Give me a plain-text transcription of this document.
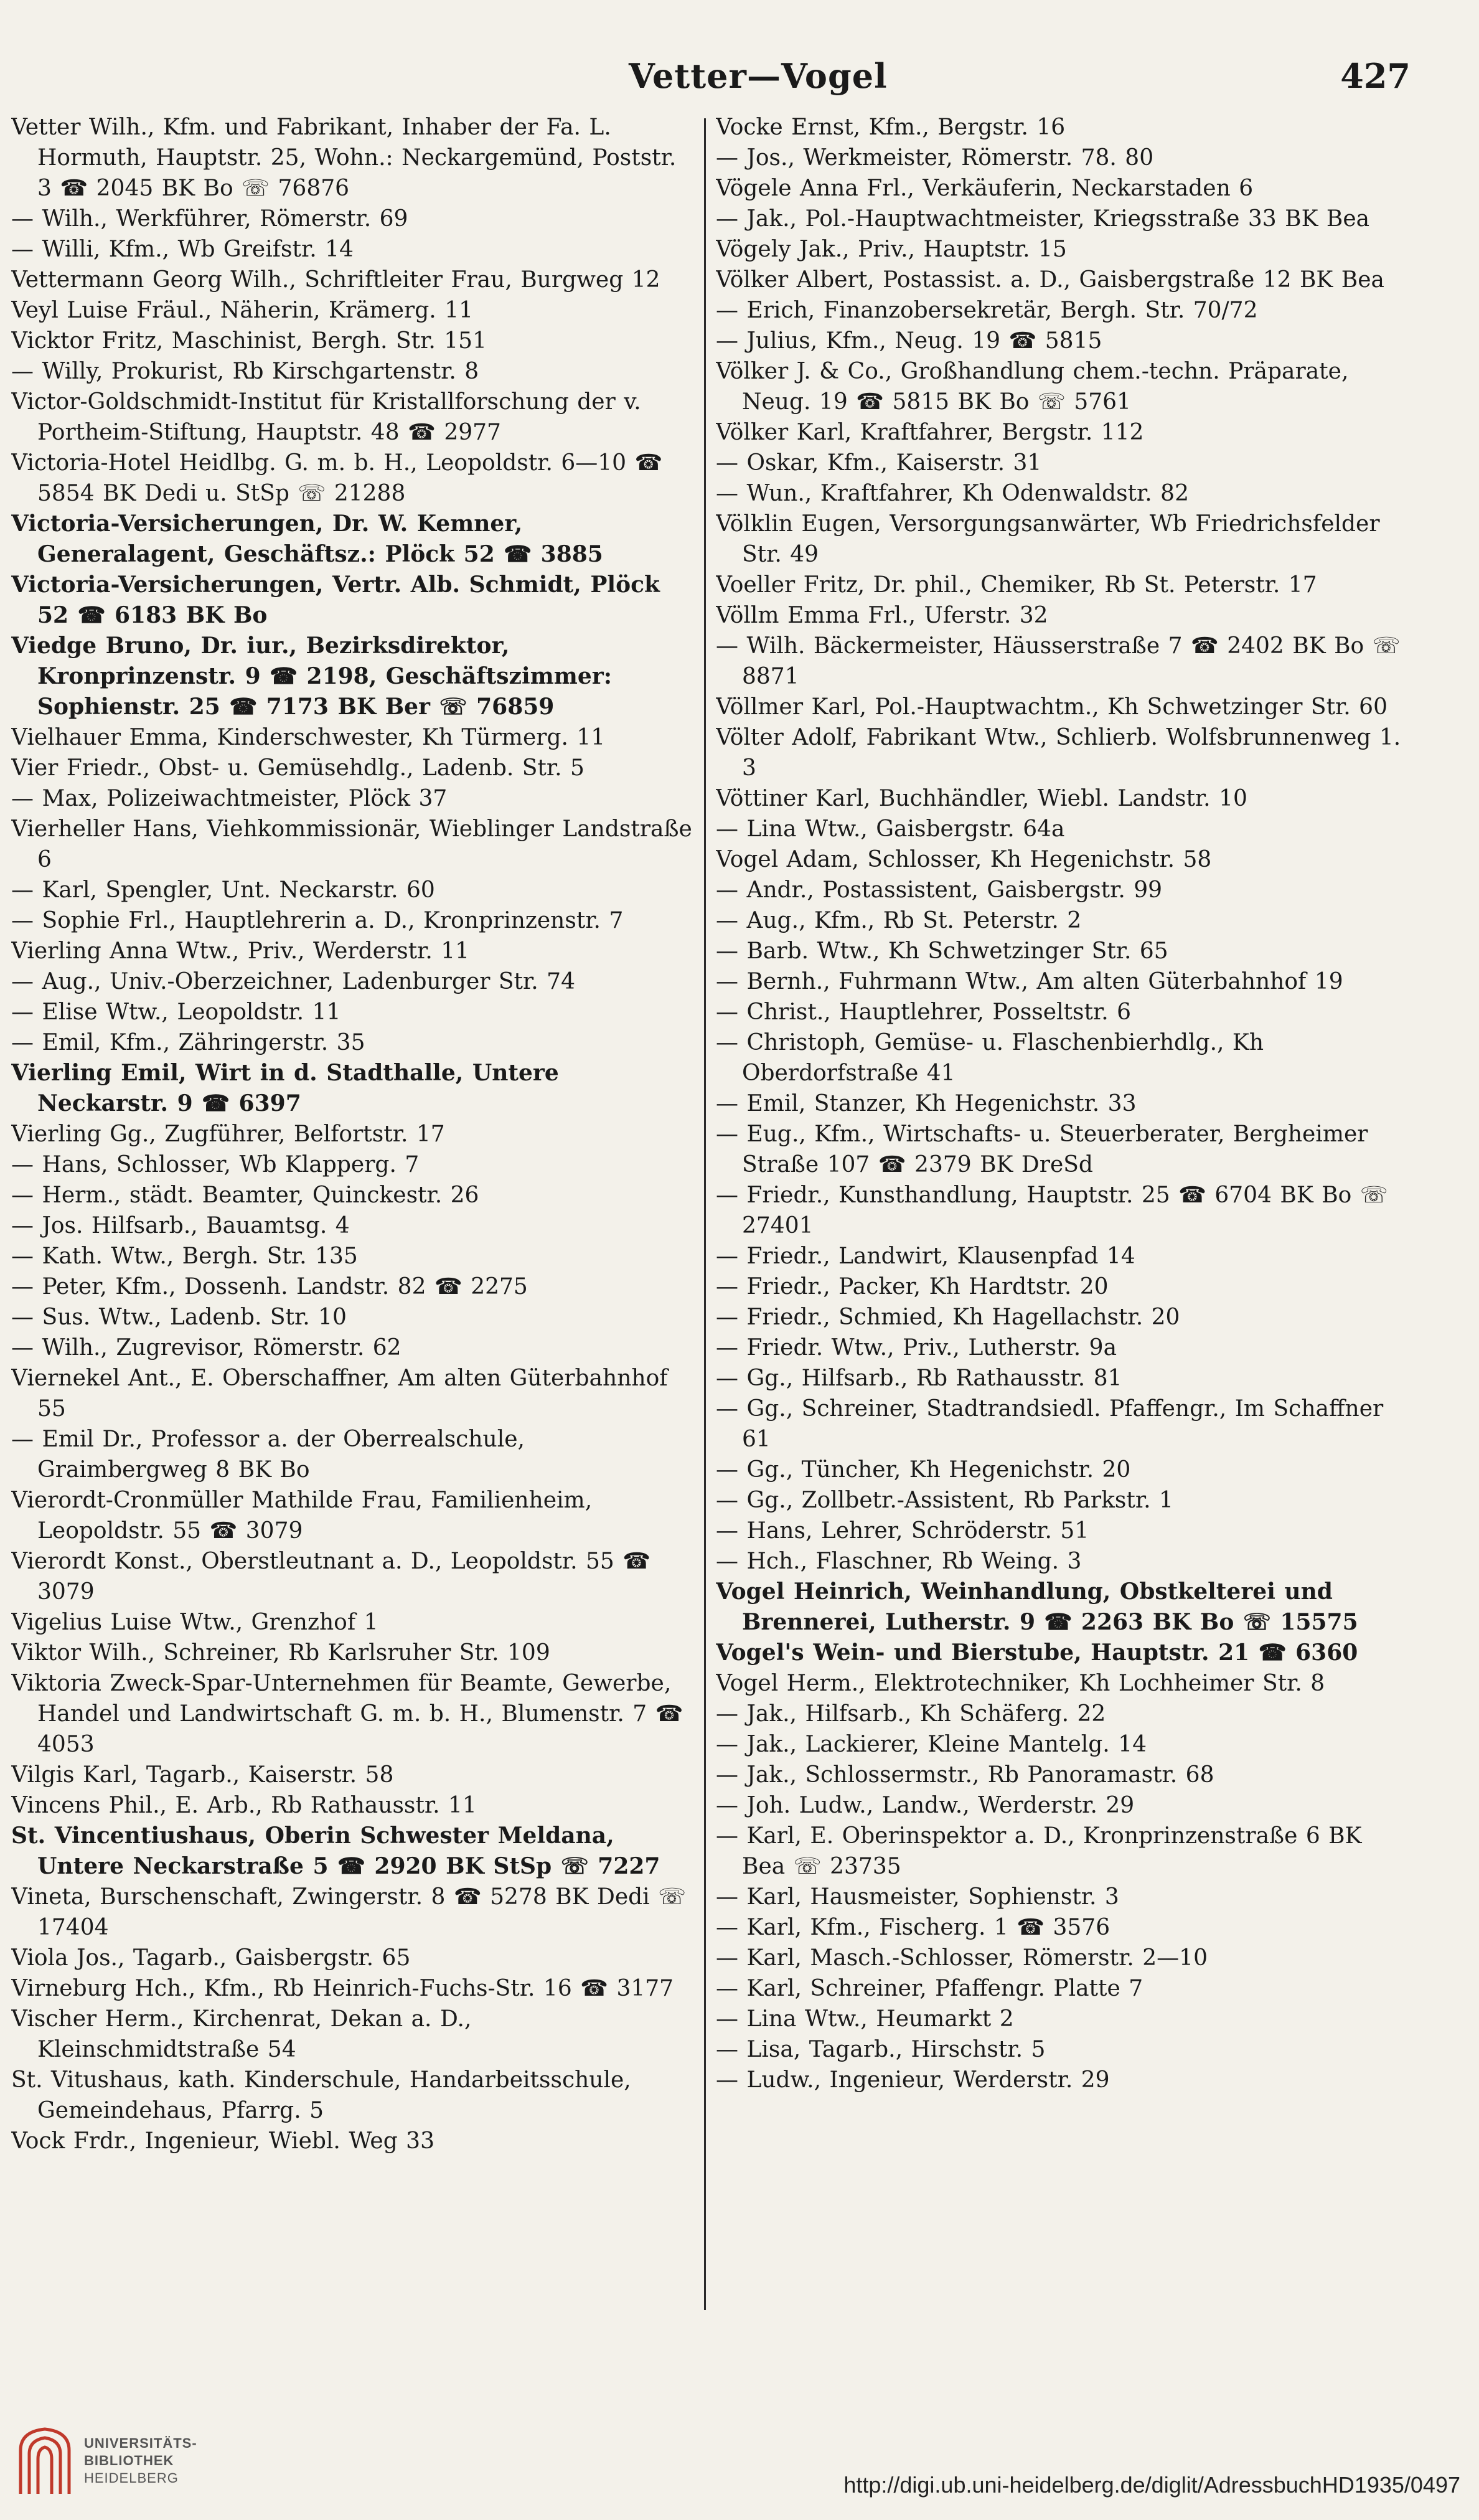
Vetter—Vogel	427
Vetter Wilh., Kfm. und Fabrikant, Inhaber der Fa. L. Hormuth, Hauptstr. 25, Wohn.: Neckargemünd, Poststr. 3 ☎ 2045 BK Bo ☏ 76876
— Wilh., Werkführer, Römerstr. 69
— Willi, Kfm., Wb Greifstr. 14
Vettermann Georg Wilh., Schriftleiter Frau, Burgweg 12
Veyl Luise Fräul., Näherin, Krämerg. 11
Vicktor Fritz, Maschinist, Bergh. Str. 151
— Willy, Prokurist, Rb Kirschgartenstr. 8
Victor-Goldschmidt-Institut für Kristallforschung der v. Portheim-Stiftung, Hauptstr. 48 ☎ 2977
Victoria-Hotel Heidlbg. G. m. b. H., Leopoldstr. 6—10 ☎ 5854 BK Dedi u. StSp ☏ 21288
Victoria-Versicherungen, Dr. W. Kemner, Generalagent, Geschäftsz.: Plöck 52 ☎ 3885
Victoria-Versicherungen, Vertr. Alb. Schmidt, Plöck 52 ☎ 6183 BK Bo
Viedge Bruno, Dr. iur., Bezirksdirektor, Kronprinzenstr. 9 ☎ 2198, Geschäftszimmer: Sophienstr. 25 ☎ 7173 BK Ber ☏ 76859
Vielhauer Emma, Kinderschwester, Kh Türmerg. 11
Vier Friedr., Obst- u. Gemüsehdlg., Ladenb. Str. 5
— Max, Polizeiwachtmeister, Plöck 37
Vierheller Hans, Viehkommissionär, Wieblinger Landstraße 6
— Karl, Spengler, Unt. Neckarstr. 60
— Sophie Frl., Hauptlehrerin a. D., Kronprinzenstr. 7
Vierling Anna Wtw., Priv., Werderstr. 11
— Aug., Univ.-Oberzeichner, Ladenburger Str. 74
— Elise Wtw., Leopoldstr. 11
— Emil, Kfm., Zähringerstr. 35
Vierling Emil, Wirt in d. Stadthalle, Untere Neckarstr. 9 ☎ 6397
Vierling Gg., Zugführer, Belfortstr. 17
— Hans, Schlosser, Wb Klapperg. 7
— Herm., städt. Beamter, Quinckestr. 26
— Jos. Hilfsarb., Bauamtsg. 4
— Kath. Wtw., Bergh. Str. 135
— Peter, Kfm., Dossenh. Landstr. 82 ☎ 2275
— Sus. Wtw., Ladenb. Str. 10
— Wilh., Zugrevisor, Römerstr. 62
Viernekel Ant., E. Oberschaffner, Am alten Güterbahnhof 55
— Emil Dr., Professor a. der Oberrealschule, Graimbergweg 8 BK Bo
Vierordt-Cronmüller Mathilde Frau, Familienheim, Leopoldstr. 55 ☎ 3079
Vierordt Konst., Oberstleutnant a. D., Leopoldstr. 55 ☎ 3079
Vigelius Luise Wtw., Grenzhof 1
Viktor Wilh., Schreiner, Rb Karlsruher Str. 109
Viktoria Zweck-Spar-Unternehmen für Beamte, Gewerbe, Handel und Landwirtschaft G. m. b. H., Blumenstr. 7 ☎ 4053
Vilgis Karl, Tagarb., Kaiserstr. 58
Vincens Phil., E. Arb., Rb Rathausstr. 11
St. Vincentiushaus, Oberin Schwester Meldana, Untere Neckarstraße 5 ☎ 2920 BK StSp ☏ 7227
Vineta, Burschenschaft, Zwingerstr. 8 ☎ 5278 BK Dedi ☏ 17404
Viola Jos., Tagarb., Gaisbergstr. 65
Virneburg Hch., Kfm., Rb Heinrich-Fuchs-Str. 16 ☎ 3177
Vischer Herm., Kirchenrat, Dekan a. D., Kleinschmidtstraße 54
St. Vitushaus, kath. Kinderschule, Handarbeitsschule, Gemeindehaus, Pfarrg. 5
Vock Frdr., Ingenieur, Wiebl. Weg 33
Vocke Ernst, Kfm., Bergstr. 16
— Jos., Werkmeister, Römerstr. 78. 80
Vögele Anna Frl., Verkäuferin, Neckarstaden 6
— Jak., Pol.-Hauptwachtmeister, Kriegsstraße 33 BK Bea
Vögely Jak., Priv., Hauptstr. 15
Völker Albert, Postassist. a. D., Gaisbergstraße 12 BK Bea
— Erich, Finanzobersekretär, Bergh. Str. 70/72
— Julius, Kfm., Neug. 19 ☎ 5815
Völker J. & Co., Großhandlung chem.-techn. Präparate, Neug. 19 ☎ 5815 BK Bo ☏ 5761
Völker Karl, Kraftfahrer, Bergstr. 112
— Oskar, Kfm., Kaiserstr. 31
— Wun., Kraftfahrer, Kh Odenwaldstr. 82
Völklin Eugen, Versorgungsanwärter, Wb Friedrichsfelder Str. 49
Voeller Fritz, Dr. phil., Chemiker, Rb St. Peterstr. 17
Völlm Emma Frl., Uferstr. 32
— Wilh. Bäckermeister, Häusserstraße 7 ☎ 2402 BK Bo ☏ 8871
Völlmer Karl, Pol.-Hauptwachtm., Kh Schwetzinger Str. 60
Völter Adolf, Fabrikant Wtw., Schlierb. Wolfsbrunnenweg 1. 3
Vöttiner Karl, Buchhändler, Wiebl. Landstr. 10
— Lina Wtw., Gaisbergstr. 64a
Vogel Adam, Schlosser, Kh Hegenichstr. 58
— Andr., Postassistent, Gaisbergstr. 99
— Aug., Kfm., Rb St. Peterstr. 2
— Barb. Wtw., Kh Schwetzinger Str. 65
— Bernh., Fuhrmann Wtw., Am alten Güterbahnhof 19
— Christ., Hauptlehrer, Posseltstr. 6
— Christoph, Gemüse- u. Flaschenbierhdlg., Kh Oberdorfstraße 41
— Emil, Stanzer, Kh Hegenichstr. 33
— Eug., Kfm., Wirtschafts- u. Steuerberater, Bergheimer Straße 107 ☎ 2379 BK DreSd
— Friedr., Kunsthandlung, Hauptstr. 25 ☎ 6704 BK Bo ☏ 27401
— Friedr., Landwirt, Klausenpfad 14
— Friedr., Packer, Kh Hardtstr. 20
— Friedr., Schmied, Kh Hagellachstr. 20
— Friedr. Wtw., Priv., Lutherstr. 9a
— Gg., Hilfsarb., Rb Rathausstr. 81
— Gg., Schreiner, Stadtrandsiedl. Pfaffengr., Im Schaffner 61
— Gg., Tüncher, Kh Hegenichstr. 20
— Gg., Zollbetr.-Assistent, Rb Parkstr. 1
— Hans, Lehrer, Schröderstr. 51
— Hch., Flaschner, Rb Weing. 3
Vogel Heinrich, Weinhandlung, Obstkelterei und Brennerei, Lutherstr. 9 ☎ 2263 BK Bo ☏ 15575
Vogel's Wein- und Bierstube, Hauptstr. 21 ☎ 6360
Vogel Herm., Elektrotechniker, Kh Lochheimer Str. 8
— Jak., Hilfsarb., Kh Schäferg. 22
— Jak., Lackierer, Kleine Mantelg. 14
— Jak., Schlossermstr., Rb Panoramastr. 68
— Joh. Ludw., Landw., Werderstr. 29
— Karl, E. Oberinspektor a. D., Kronprinzenstraße 6 BK Bea ☏ 23735
— Karl, Hausmeister, Sophienstr. 3
— Karl, Kfm., Fischerg. 1 ☎ 3576
— Karl, Masch.-Schlosser, Römerstr. 2—10
— Karl, Schreiner, Pfaffengr. Platte 7
— Lina Wtw., Heumarkt 2
— Lisa, Tagarb., Hirschstr. 5
— Ludw., Ingenieur, Werderstr. 29
UNIVERSITÄTS-
BIBLIOTHEK
HEIDELBERG	http://digi.ub.uni-heidelberg.de/diglit/AdressbuchHD1935/0497
